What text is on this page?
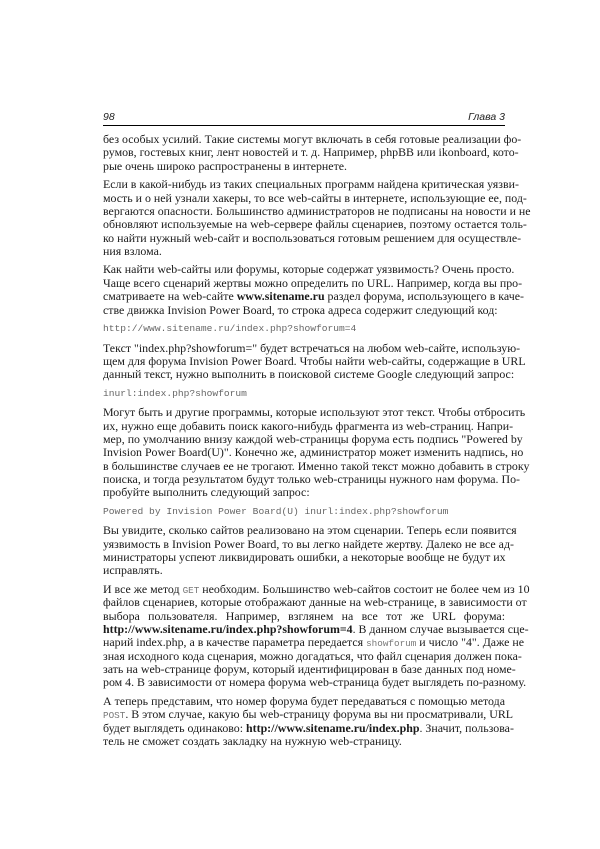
98	Глава 3
без особых усилий. Такие системы могут включать в себя готовые реализации фо-
румов, гостевых книг, лент новостей и т. д. Например, phpBB или ikonboard, кото-
рые очень широко распространены в интернете.
Если в какой-нибудь из таких специальных программ найдена критическая уязви-
мость и о ней узнали хакеры, то все web-сайты в интернете, использующие ее, под-
вергаются опасности. Большинство администраторов не подписаны на новости и не
обновляют используемые на web-сервере файлы сценариев, поэтому остается толь-
ко найти нужный web-сайт и воспользоваться готовым решением для осуществле-
ния взлома.
Как найти web-сайты или форумы, которые содержат уязвимость? Очень просто.
Чаще всего сценарий жертвы можно определить по URL. Например, когда вы про-
сматриваете на web-сайте www.sitename.ru раздел форума, использующего в каче-
стве движка Invision Power Board, то строка адреса содержит следующий код:
http://www.sitename.ru/index.php?showforum=4
Текст "index.php?showforum=" будет встречаться на любом web-сайте, использую-
щем для форума Invision Power Board. Чтобы найти web-сайты, содержащие в URL
данный текст, нужно выполнить в поисковой системе Google следующий запрос:
inurl:index.php?showforum
Могут быть и другие программы, которые используют этот текст. Чтобы отбросить
их, нужно еще добавить поиск какого-нибудь фрагмента из web-страниц. Напри-
мер, по умолчанию внизу каждой web-страницы форума есть подпись "Powered by
Invision Power Board(U)". Конечно же, администратор может изменить надпись, но
в большинстве случаев ее не трогают. Именно такой текст можно добавить в строку
поиска, и тогда результатом будут только web-страницы нужного нам форума. По-
пробуйте выполнить следующий запрос:
Powered by Invision Power Board(U) inurl:index.php?showforum
Вы увидите, сколько сайтов реализовано на этом сценарии. Теперь если появится
уязвимость в Invision Power Board, то вы легко найдете жертву. Далеко не все ад-
министраторы успеют ликвидировать ошибки, а некоторые вообще не будут их
исправлять.
И все же метод GET необходим. Большинство web-сайтов состоит не более чем из 10
файлов сценариев, которые отображают данные на web-странице, в зависимости от
выбора пользователя. Например, взглянем на все тот же URL форума:
http://www.sitename.ru/index.php?showforum=4. В данном случае вызывается сце-
нарий index.php, а в качестве параметра передается showforum и число "4". Даже не
зная исходного кода сценария, можно догадаться, что файл сценария должен пока-
зать на web-странице форум, который идентифицирован в базе данных под номе-
ром 4. В зависимости от номера форума web-страница будет выглядеть по-разному.
А теперь представим, что номер форума будет передаваться с помощью метода
POST. В этом случае, какую бы web-страницу форума вы ни просматривали, URL
будет выглядеть одинаково: http://www.sitename.ru/index.php. Значит, пользова-
тель не сможет создать закладку на нужную web-страницу.
